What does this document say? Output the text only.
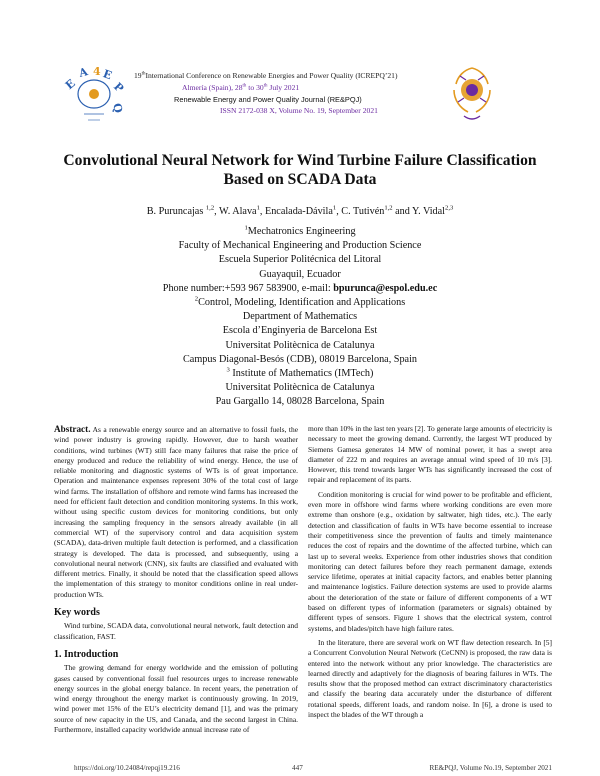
E
A 4 E
P
Q
19thInternational Conference on Renewable Energies and Power Quality (ICREPQ’21)
Almería (Spain), 28th to 30th July 2021
Renewable Energy and Power Quality Journal (RE&PQJ)
ISSN 2172-038 X, Volume No. 19, September 2021
Convolutional Neural Network for Wind Turbine Failure Classification
Based on SCADA Data
B. Puruncajas $^{1,2}$, W. Alava$^1$, Encalada-Dávila$^1$, C. Tutivén$^{1,2}$ and Y. Vidal$^{2,3}$
$^1$Mechatronics Engineering
Faculty of Mechanical Engineering and Production Science
Escuela Superior Politécnica del Litoral
Guayaquil, Ecuador
Phone number:+593 967 583900, e-mail: bpurunca@espol.edu.ec
$^2$Control, Modeling, Identification and Applications
Department of Mathematics
Escola d’Enginyeria de Barcelona Est
Universitat Politècnica de Catalunya
Campus Diagonal-Besós (CDB), 08019 Barcelona, Spain
$^3$ Institute of Mathematics (IMTech)
Universitat Politècnica de Catalunya
Pau Gargallo 14, 08028 Barcelona, Spain

Abstract. As a renewable energy source and an alternative to fossil fuels, the wind power industry is growing rapidly. However, due to harsh weather conditions, wind turbines (WT) still face many failures that raise the price of energy produced and reduce the reliability of wind energy. Hence, the use of reliable monitoring and diagnostic systems of WTs is of great importance. Operation and maintenance expenses represent 30% of the total cost of large wind farms. The installation of offshore and remote wind farms has increased the need for efficient fault detection and condition monitoring systems. In this work, without using specific custom devices for monitoring conditions, but only increasing the sampling frequency in the sensors already available (in all commercial WT) of the supervisory control and data acquisition system (SCADA), data-driven multiple fault detection is performed, and a classification strategy is developed. The data is processed, and subsequently, using a convolutional neural network (CNN), six faults are classified and evaluated with different metrics. Finally, it should be noted that the classification speed allows the implementation of this strategy to monitor conditions online in real under-production WTs.

Key words

Wind turbine, SCADA data, convolutional neural network, fault detection and classification, FAST.

1. Introduction

The growing demand for energy worldwide and the emission of polluting gases caused by conventional fossil fuel resources urges to increase renewable energy sources in the global energy balance. In recent years, the penetration of wind energy throughout the energy market is continuously growing. In 2019, wind power met 15% of the EU’s electricity demand [1], and was the primary source of new capacity in the US, and Canada, and the second largest in China. Furthermore, installed capacity worldwide annual increase rate of

more than 10% in the last ten years [2]. To generate large amounts of electricity is necessary to meet the growing demand. Currently, the largest WT produced by Siemens Gamesa generates 14 MW of nominal power, it has a swept area diameter of 222 m and requires an average annual wind speed of 10 m/s [3]. However, this trend towards larger WTs has significantly increased the cost of repair and replacement of its parts.

Condition monitoring is crucial for wind power to be profitable and efficient, even more in offshore wind farms where working conditions are even more extreme than onshore (e.g., oxidation by saltwater, high tides, etc.). The early detection and classification of faults in WTs have become essential to increase their competitiveness since the prevention of faults and timely maintenance reduces the cost of repairs and the downtime of the affected turbine, which can last up to several weeks. Experience from other industries shows that condition monitoring can detect failures before they reach permanent damage, extends service lifetime, operates at initial capacity factors, and enables better planning and maintenance logistics. Failure detection systems are used to provide alarms about the deterioration of the state or failure of different components of a WT based on different types of information (parameters or signals) obtained by different types of sensors. Figure 1 shows that the electrical system, control systems, and blades/pitch have high failure rates.

In the literature, there are several work on WT flaw detection research. In [5] a Concurrent Convolution Neural Network (CeCNN) is proposed, the raw data is entered into the network without any prior knowledge. The characteristics are learned directly and adaptively for the diagnosis of bearing failures in WTs. The results show that the proposed method can extract discriminatory characteristics and classify the bearing data accurately under the disturbance of different rotational speeds, different loads, and random noise. In [6], a drone is used to inspect the blades of the WT through a

https://doi.org/10.24084/repqj19.216	447	RE&PQJ, Volume No.19, September 2021
